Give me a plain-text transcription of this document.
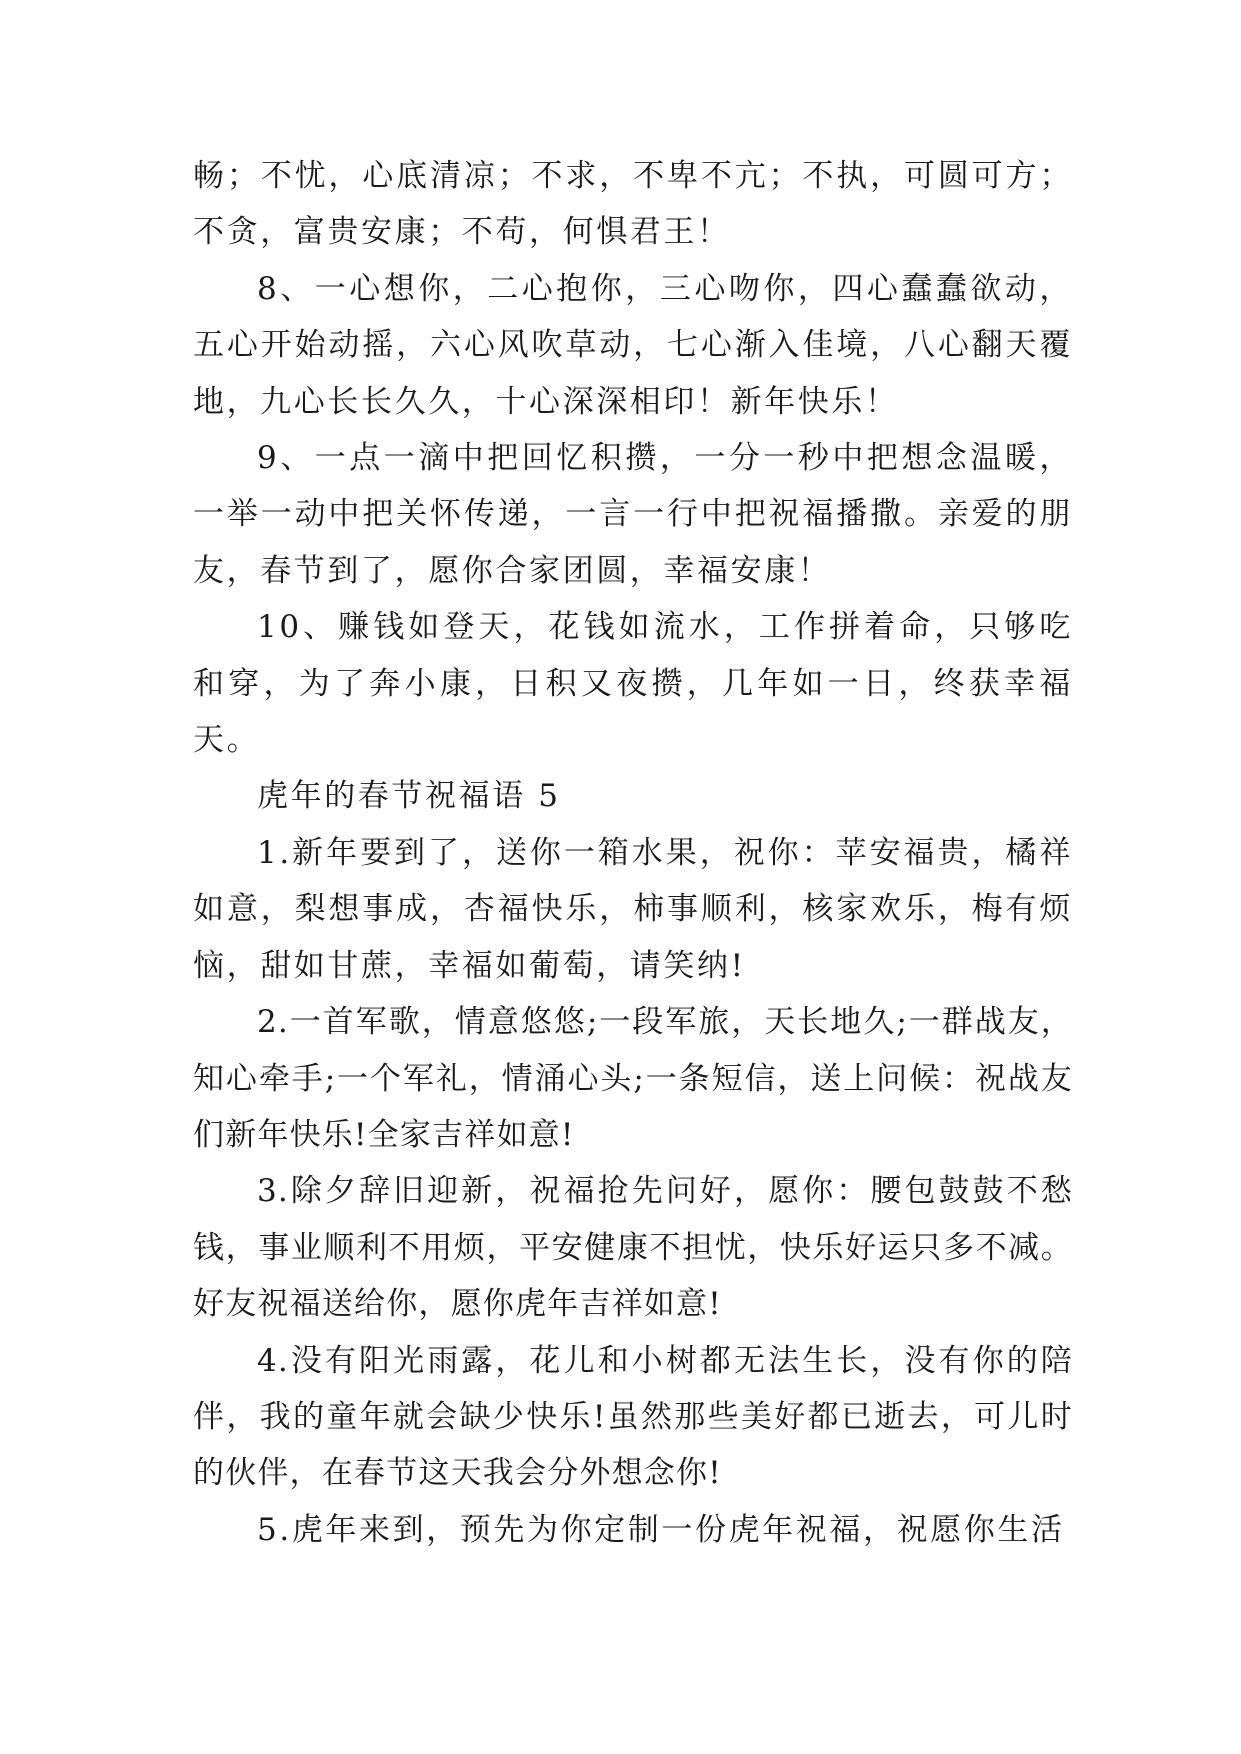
畅；不忧，心底清凉；不求，不卑不亢；不执，可圆可方；不贪，富贵安康；不苟，何惧君王！

8、一心想你，二心抱你，三心吻你，四心蠢蠢欲动，五心开始动摇，六心风吹草动，七心渐入佳境，八心翻天覆地，九心长长久久，十心深深相印！新年快乐！

9、一点一滴中把回忆积攒，一分一秒中把想念温暖，一举一动中把关怀传递，一言一行中把祝福播撒。亲爱的朋友，春节到了，愿你合家团圆，幸福安康！

10、赚钱如登天，花钱如流水，工作拼着命，只够吃和穿，为了奔小康，日积又夜攒，几年如一日，终获幸福天。

虎年的春节祝福语 5

1.新年要到了，送你一箱水果，祝你：苹安福贵，橘祥如意，梨想事成，杏福快乐，柿事顺利，核家欢乐，梅有烦恼，甜如甘蔗，幸福如葡萄，请笑纳!

2.一首军歌，情意悠悠;一段军旅，天长地久;一群战友，知心牵手;一个军礼，情涌心头;一条短信，送上问候：祝战友们新年快乐!全家吉祥如意!

3.除夕辞旧迎新，祝福抢先问好，愿你：腰包鼓鼓不愁钱，事业顺利不用烦，平安健康不担忧，快乐好运只多不减。好友祝福送给你，愿你虎年吉祥如意!

4.没有阳光雨露，花儿和小树都无法生长，没有你的陪伴，我的童年就会缺少快乐!虽然那些美好都已逝去，可儿时的伙伴，在春节这天我会分外想念你!

5.虎年来到，预先为你定制一份虎年祝福，祝愿你生活
